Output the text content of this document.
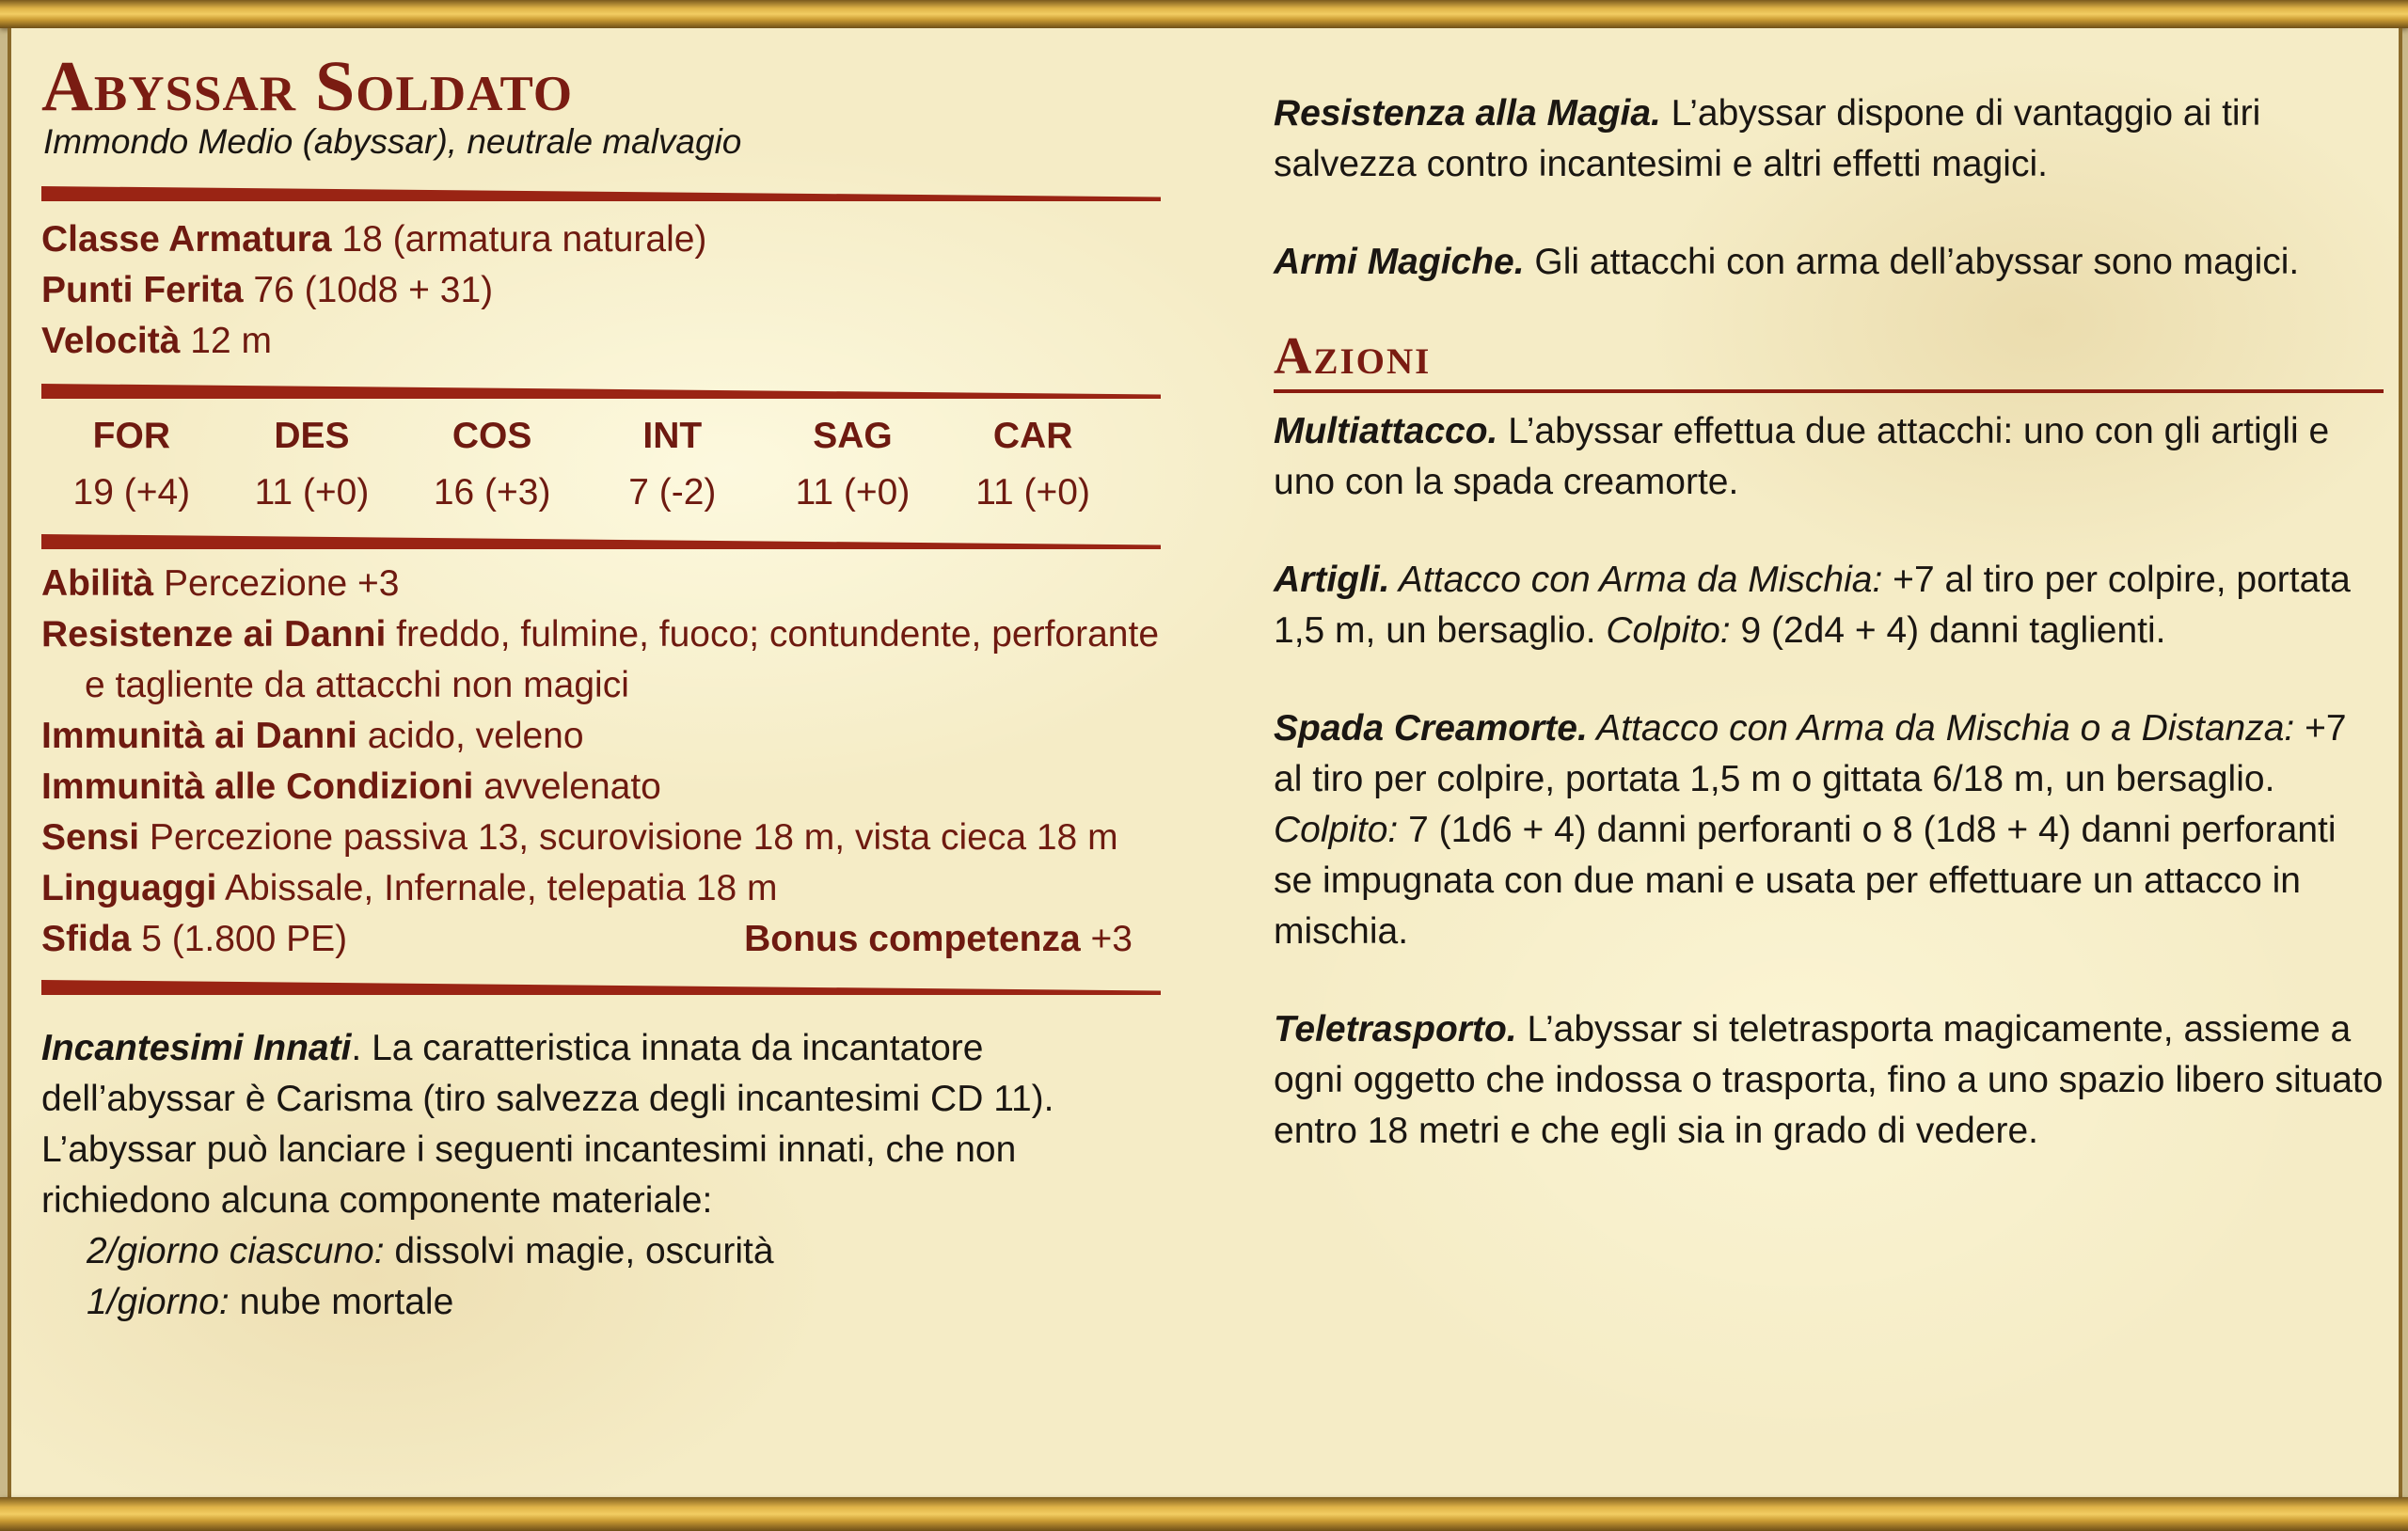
Abyssar Soldato
Immondo Medio (abyssar), neutrale malvagio
Classe Armatura 18 (armatura naturale)
Punti Ferita 76 (10d8 + 31)
Velocità 12 m
FOR
19 (+4)
DES
11 (+0)
COS
16 (+3)
INT
7 (-2)
SAG
11 (+0)
CAR
11 (+0)
Abilità Percezione +3
Resistenze ai Danni freddo, fulmine, fuoco; contundente, perforante e tagliente da attacchi non magici
Immunità ai Danni acido, veleno
Immunità alle Condizioni avvelenato
Sensi Percezione passiva 13, scurovisione 18 m, vista cieca 18 m
Linguaggi Abissale, Infernale, telepatia 18 m
Sfida 5 (1.800 PE)	Bonus competenza +3
Incantesimi Innati. La caratteristica innata da incantatore dell’abyssar è Carisma (tiro salvezza degli incantesimi CD 11). L’abyssar può lanciare i seguenti incantesimi innati, che non richiedono alcuna componente materiale:
2/giorno ciascuno: dissolvi magie, oscurità
1/giorno: nube mortale
Resistenza alla Magia. L’abyssar dispone di vantaggio ai tiri salvezza contro incantesimi e altri effetti magici.
Armi Magiche. Gli attacchi con arma dell’abyssar sono magici.
Azioni
Multiattacco. L’abyssar effettua due attacchi: uno con gli artigli e uno con la spada creamorte.
Artigli. Attacco con Arma da Mischia: +7 al tiro per colpire, portata 1,5 m, un bersaglio. Colpito: 9 (2d4 + 4) danni taglienti.
Spada Creamorte. Attacco con Arma da Mischia o a Distanza: +7 al tiro per colpire, portata 1,5 m o gittata 6/18 m, un bersaglio. Colpito: 7 (1d6 + 4) danni perforanti o 8 (1d8 + 4) danni perforanti se impugnata con due mani e usata per effettuare un attacco in mischia.
Teletrasporto. L’abyssar si teletrasporta magicamente, assieme a ogni oggetto che indossa o trasporta, fino a uno spazio libero situato entro 18 metri e che egli sia in grado di vedere.
